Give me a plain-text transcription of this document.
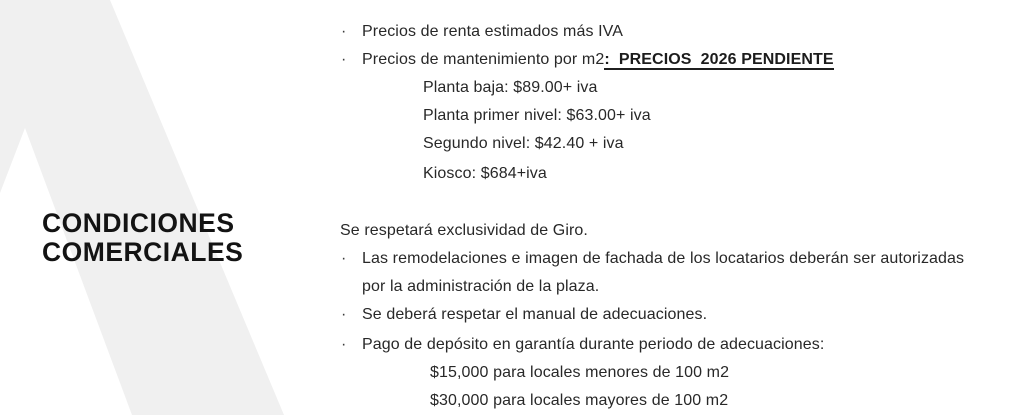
CONDICIONES
COMERCIALES
· Precios de renta estimados más IVA
· Precios de mantenimiento por m2:  PRECIOS  2026 PENDIENTE
Planta baja: $89.00+ iva
Planta primer nivel: $63.00+ iva
Segundo nivel: $42.40 + iva
Kiosco: $684+iva
Se respetará exclusividad de Giro.
· Las remodelaciones e imagen de fachada de los locatarios deberán ser autorizadas
por la administración de la plaza.
· Se deberá respetar el manual de adecuaciones.
· Pago de depósito en garantía durante periodo de adecuaciones:
$15,000 para locales menores de 100 m2
$30,000 para locales mayores de 100 m2
